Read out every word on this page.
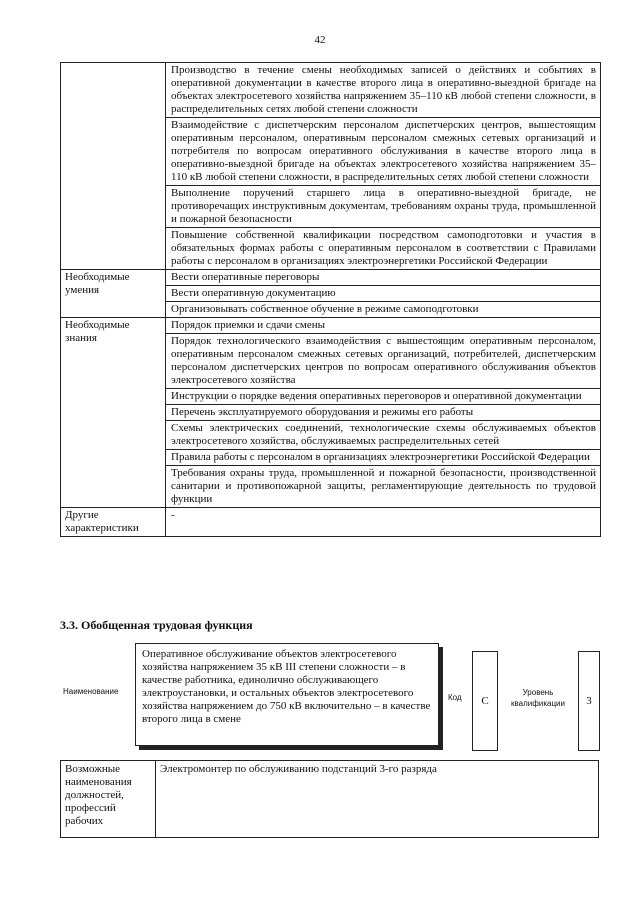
42
	Производство в течение смены необходимых записей о действиях и событиях в оперативной документации в качестве второго лица в оперативно-выездной бригаде на объектах электросетевого хозяйства напряжением 35–110 кВ любой степени сложности, в распределительных сетях любой степени сложности
	Взаимодействие с диспетчерским персоналом диспетчерских центров, вышестоящим оперативным персоналом, оперативным персоналом смежных сетевых организаций и потребителя по вопросам оперативного обслуживания в качестве второго лица в оперативно-выездной бригаде на объектах электросетевого хозяйства напряжением 35–110 кВ любой степени сложности, в распределительных сетях любой степени сложности
	Выполнение поручений старшего лица в оперативно-выездной бригаде, не противоречащих инструктивным документам, требованиям охраны труда, промышленной и пожарной безопасности
	Повышение собственной квалификации посредством самоподготовки и участия в обязательных формах работы с оперативным персоналом в соответствии с Правилами работы с персоналом в организациях электроэнергетики Российской Федерации
Необходимые умения	Вести оперативные переговоры
	Вести оперативную документацию
	Организовывать собственное обучение в режиме самоподготовки
Необходимые знания	Порядок приемки и сдачи смены
	Порядок технологического взаимодействия с вышестоящим оперативным персоналом, оперативным персоналом смежных сетевых организаций, потребителей, диспетчерским персоналом диспетчерских центров по вопросам оперативного обслуживания объектов электросетевого хозяйства
	Инструкции о порядке ведения оперативных переговоров и оперативной документации
	Перечень эксплуатируемого оборудования и режимы его работы
	Схемы электрических соединений, технологические схемы обслуживаемых объектов электросетевого хозяйства, обслуживаемых распределительных сетей
	Правила работы с персоналом в организациях электроэнергетики Российской Федерации
	Требования охраны труда, промышленной и пожарной безопасности, производственной санитарии и противопожарной защиты, регламентирующие деятельность по трудовой функции
Другие характеристики	-
3.3. Обобщенная трудовая функция
Наименование
Оперативное обслуживание объектов электросетевого хозяйства напряжением 35 кВ III степени сложности – в качестве работника, единолично обслуживающего электроустановки, и остальных объектов электросетевого хозяйства напряжением до 750 кВ включительно – в качестве второго лица в смене
Код	C
Уровень квалификации	3
Возможные наименования должностей, профессий рабочих	Электромонтер по обслуживанию подстанций 3-го разряда
